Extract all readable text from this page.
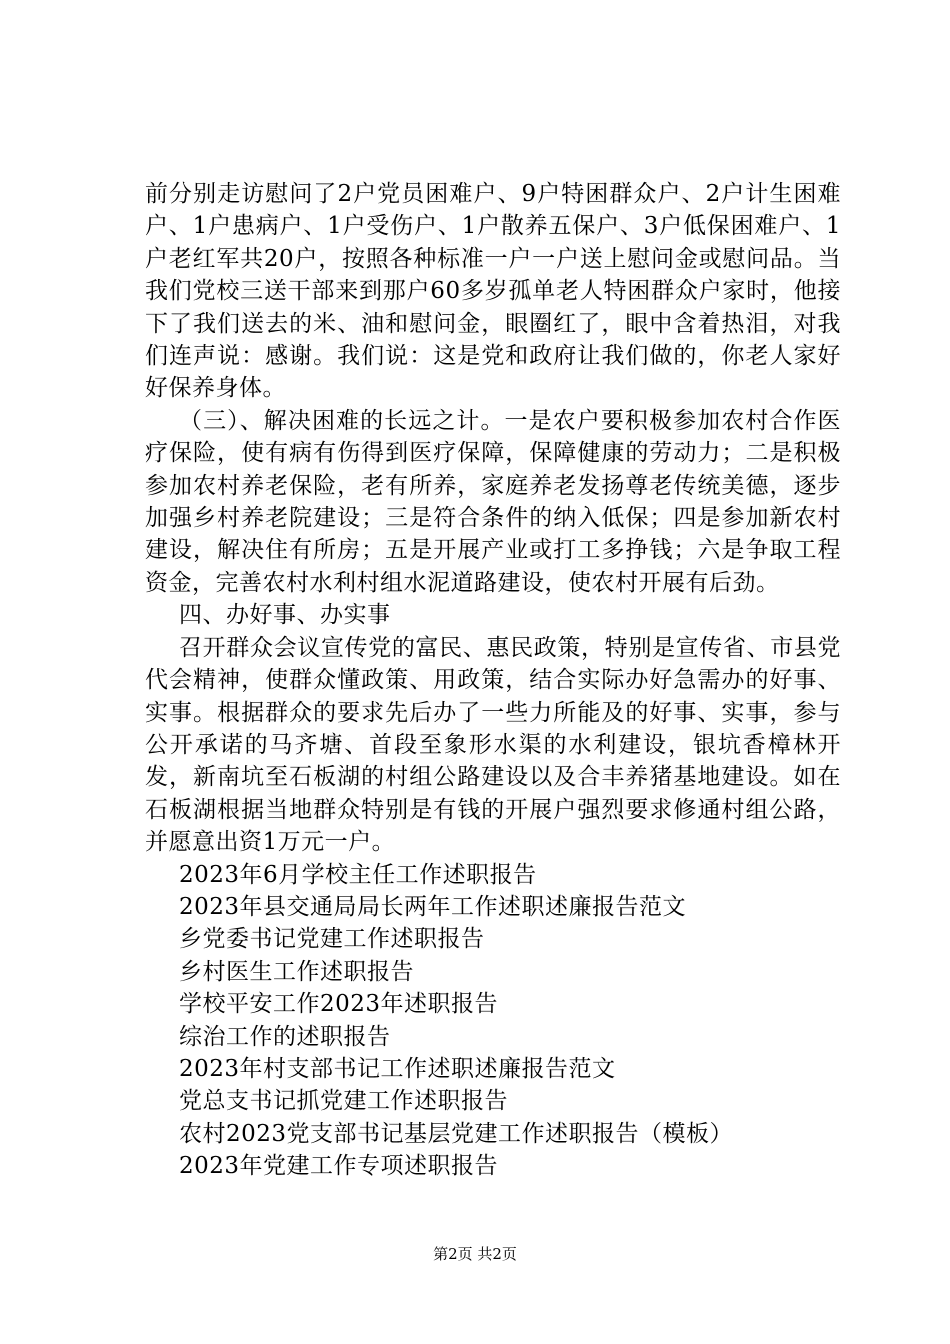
前分别走访慰问了2户党员困难户、9户特困群众户、2户计生困难户、1户患病户、1户受伤户、1户散养五保户、3户低保困难户、1户老红军共20户，按照各种标准一户一户送上慰问金或慰问品。当我们党校三送干部来到那户60多岁孤单老人特困群众户家时，他接下了我们送去的米、油和慰问金，眼圈红了，眼中含着热泪，对我们连声说：感谢。我们说：这是党和政府让我们做的，你老人家好好保养身体。

（三）、解决困难的长远之计。一是农户要积极参加农村合作医疗保险，使有病有伤得到医疗保障，保障健康的劳动力；二是积极参加农村养老保险，老有所养，家庭养老发扬尊老传统美德，逐步加强乡村养老院建设；三是符合条件的纳入低保；四是参加新农村建设，解决住有所房；五是开展产业或打工多挣钱；六是争取工程资金，完善农村水利村组水泥道路建设，使农村开展有后劲。

四、办好事、办实事

召开群众会议宣传党的富民、惠民政策，特别是宣传省、市县党代会精神，使群众懂政策、用政策，结合实际办好急需办的好事、实事。根据群众的要求先后办了一些力所能及的好事、实事，参与公开承诺的马齐塘、首段至象形水渠的水利建设，银坑香樟林开发，新南坑至石板湖的村组公路建设以及合丰养猪基地建设。如在石板湖根据当地群众特别是有钱的开展户强烈要求修通村组公路，并愿意出资1万元一户。

2023年6月学校主任工作述职报告
2023年县交通局局长两年工作述职述廉报告范文
乡党委书记党建工作述职报告
乡村医生工作述职报告
学校平安工作2023年述职报告
综治工作的述职报告
2023年村支部书记工作述职述廉报告范文
党总支书记抓党建工作述职报告
农村2023党支部书记基层党建工作述职报告（模板）
2023年党建工作专项述职报告
第2页 共2页
